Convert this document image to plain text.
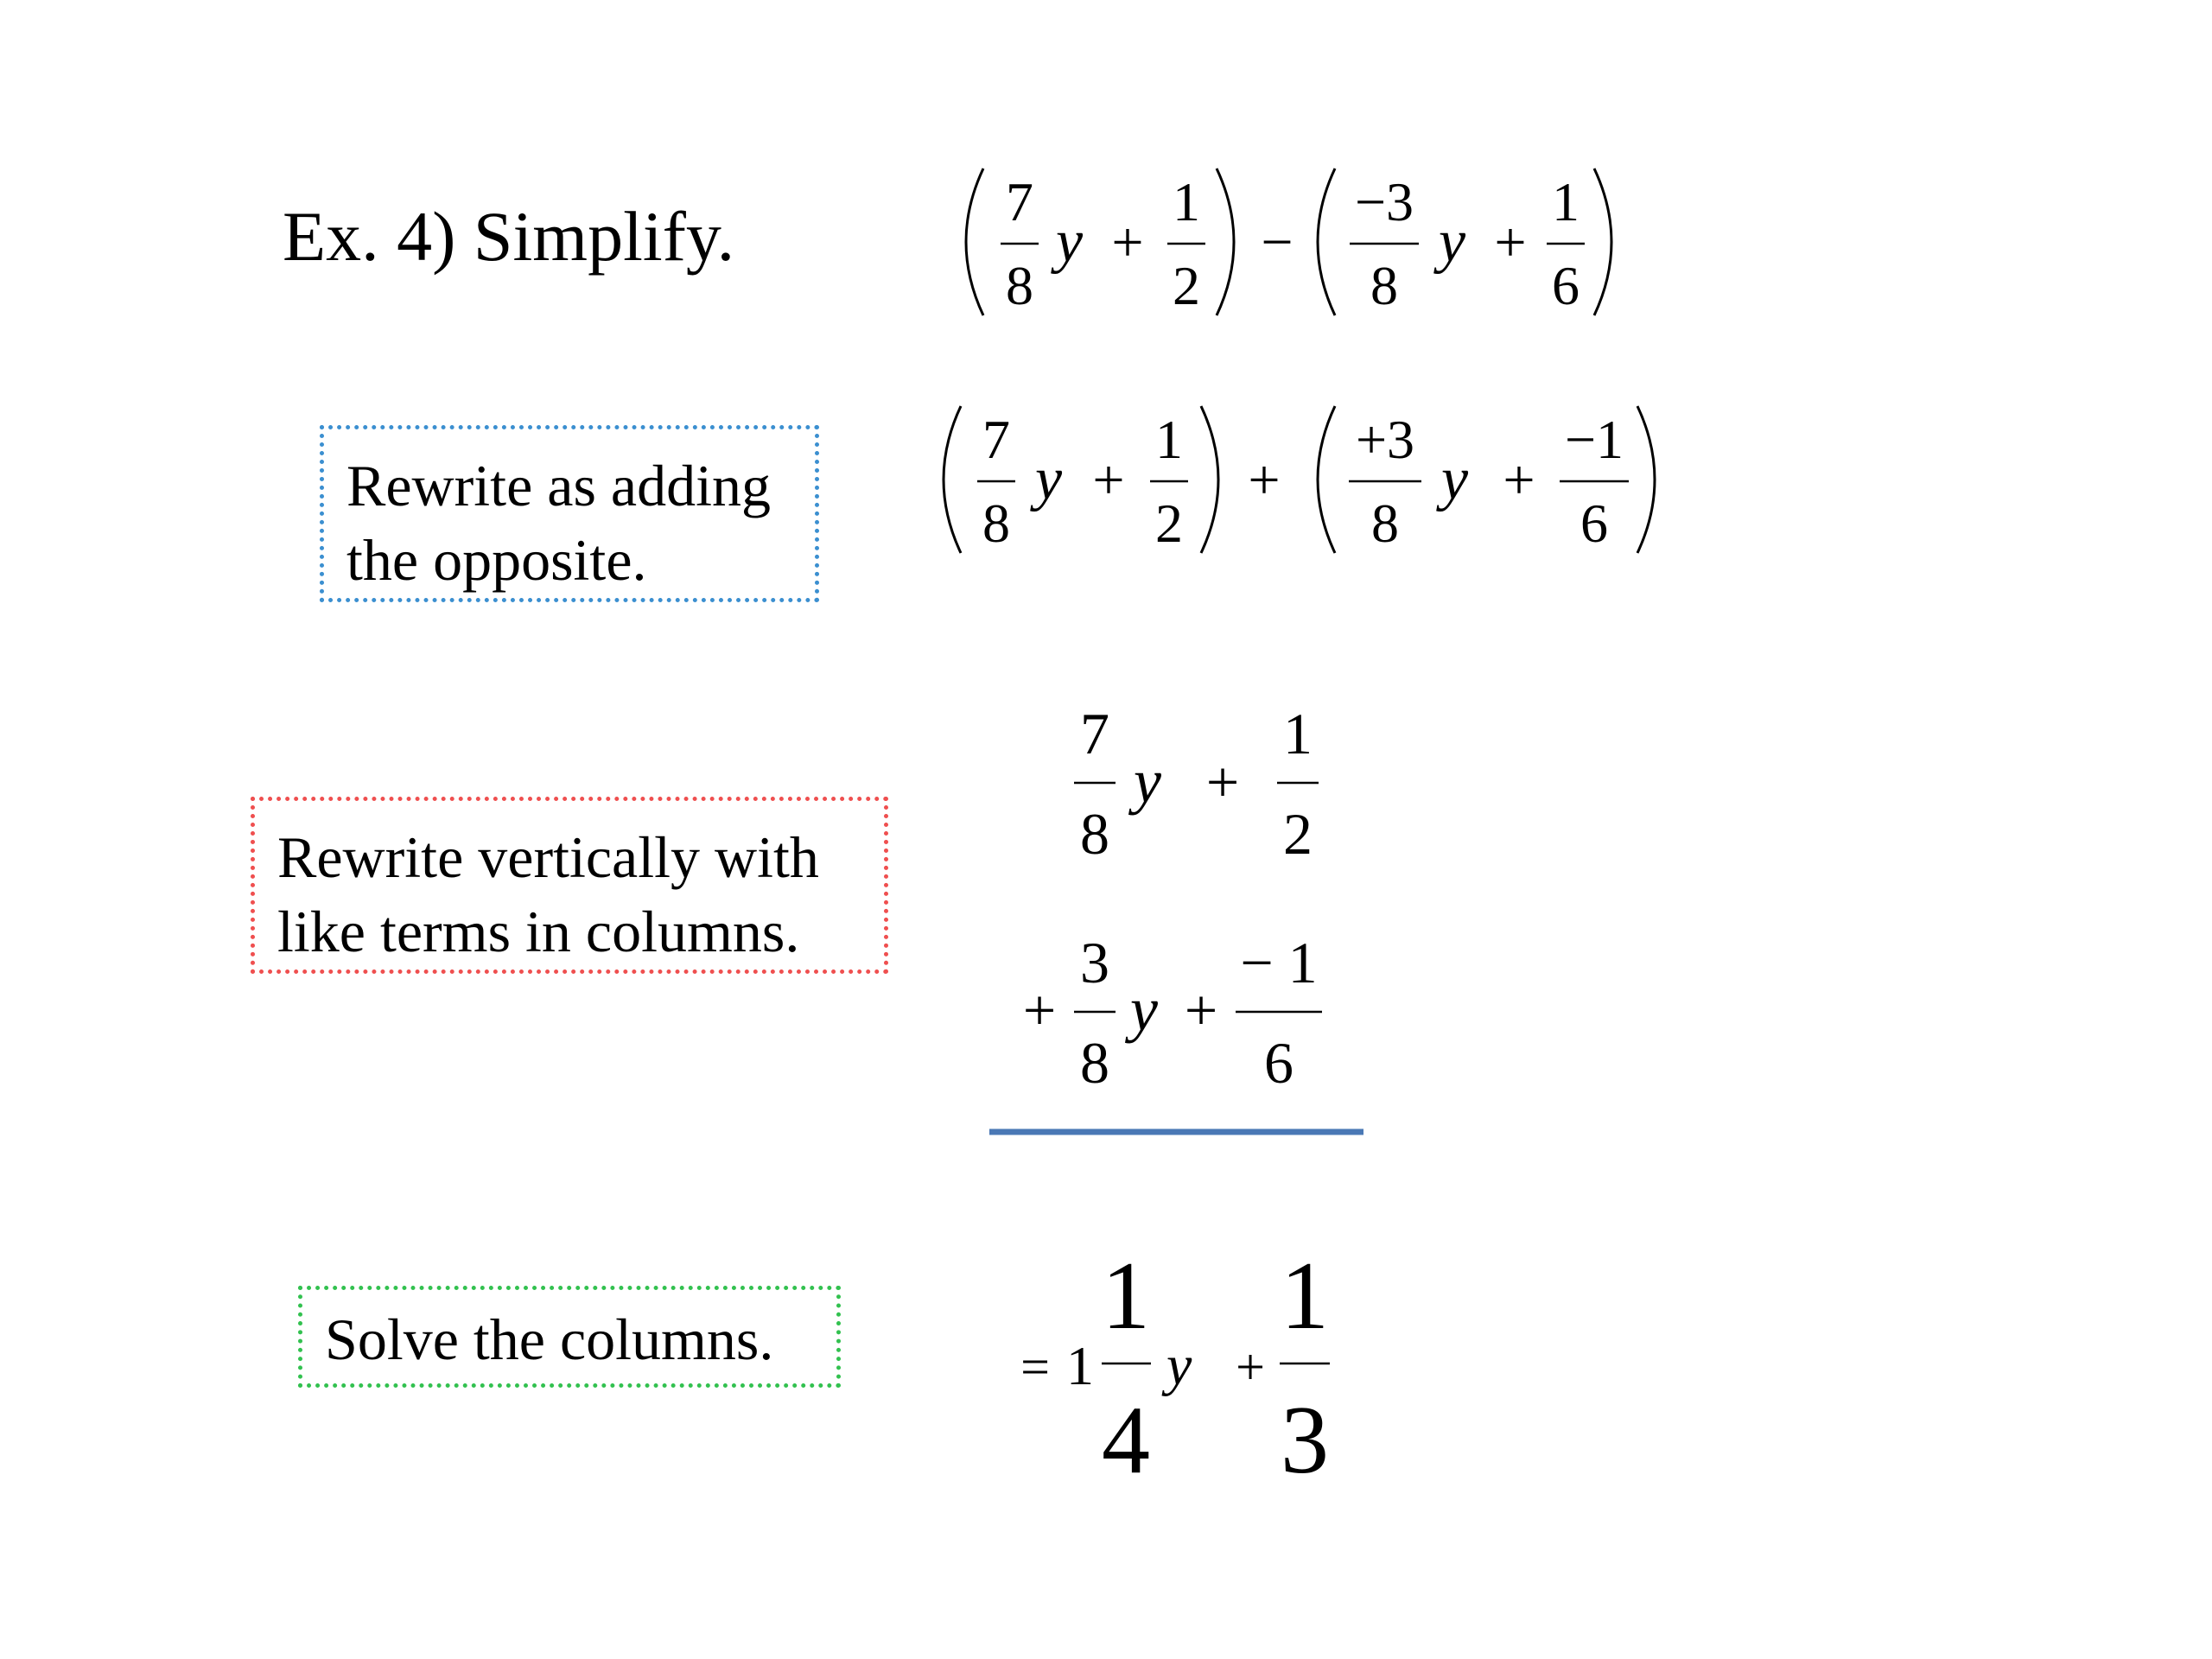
Ex. 4) Simplify.
Rewrite as adding
the opposite.
Rewrite vertically with
like terms in columns.
Solve the columns.
7
8
y +
1
2
−
−3
8
y +
1
6
7
8
y +
1
2
+
+3
8
y +
−1
6
7
8
y +
1
2
+
3
8
y +
− 1
6
= 1
1
4
y +
1
3
